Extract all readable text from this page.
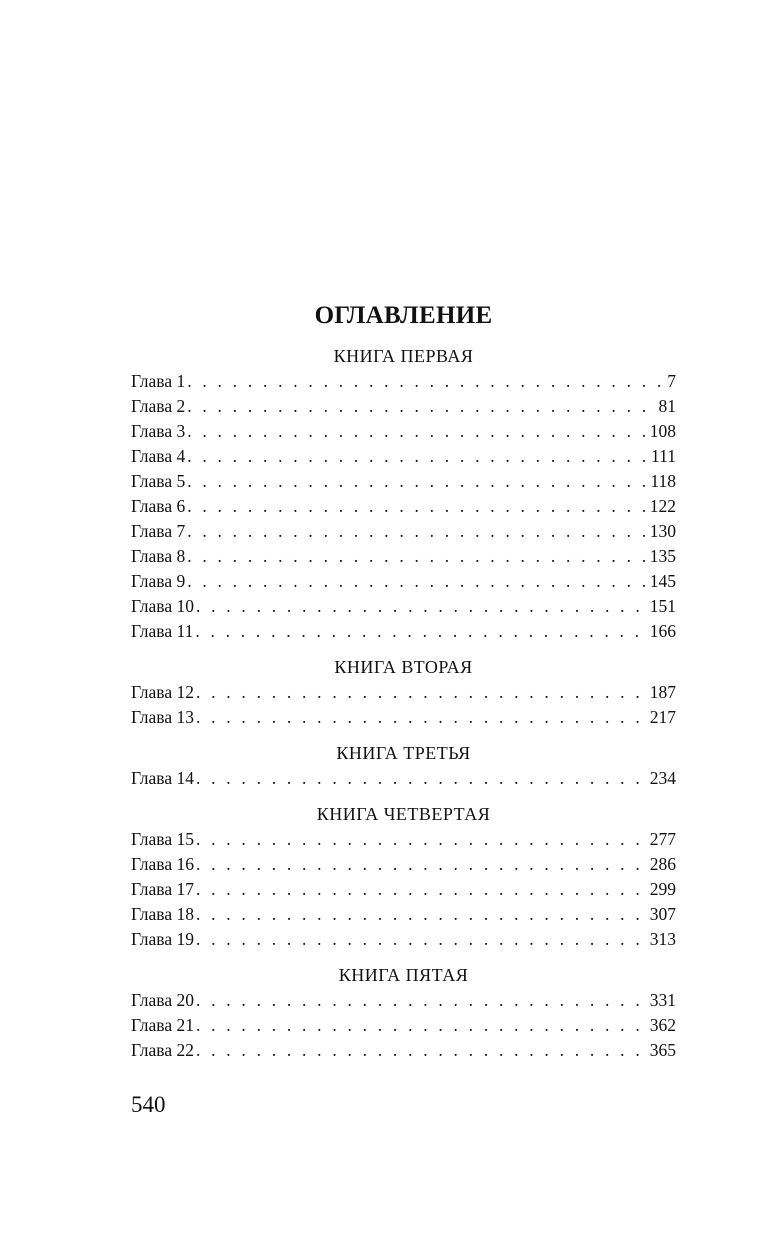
ОГЛАВЛЕНИЕ
КНИГА ПЕРВАЯ
Глава 1 . . .	7
Глава 2 . . .	81
Глава 3 . . .	108
Глава 4 . . .	111
Глава 5 . . .	118
Глава 6 . . .	122
Глава 7 . . .	130
Глава 8 . . .	135
Глава 9 . . .	145
Глава 10 . . .	151
Глава 11 . . .	166
КНИГА ВТОРАЯ
Глава 12 . . .	187
Глава 13 . . .	217
КНИГА ТРЕТЬЯ
Глава 14 . . .	234
КНИГА ЧЕТВЕРТАЯ
Глава 15 . . .	277
Глава 16 . . .	286
Глава 17 . . .	299
Глава 18 . . .	307
Глава 19 . . .	313
КНИГА ПЯТАЯ
Глава 20 . . .	331
Глава 21 . . .	362
Глава 22 . . .	365
540
